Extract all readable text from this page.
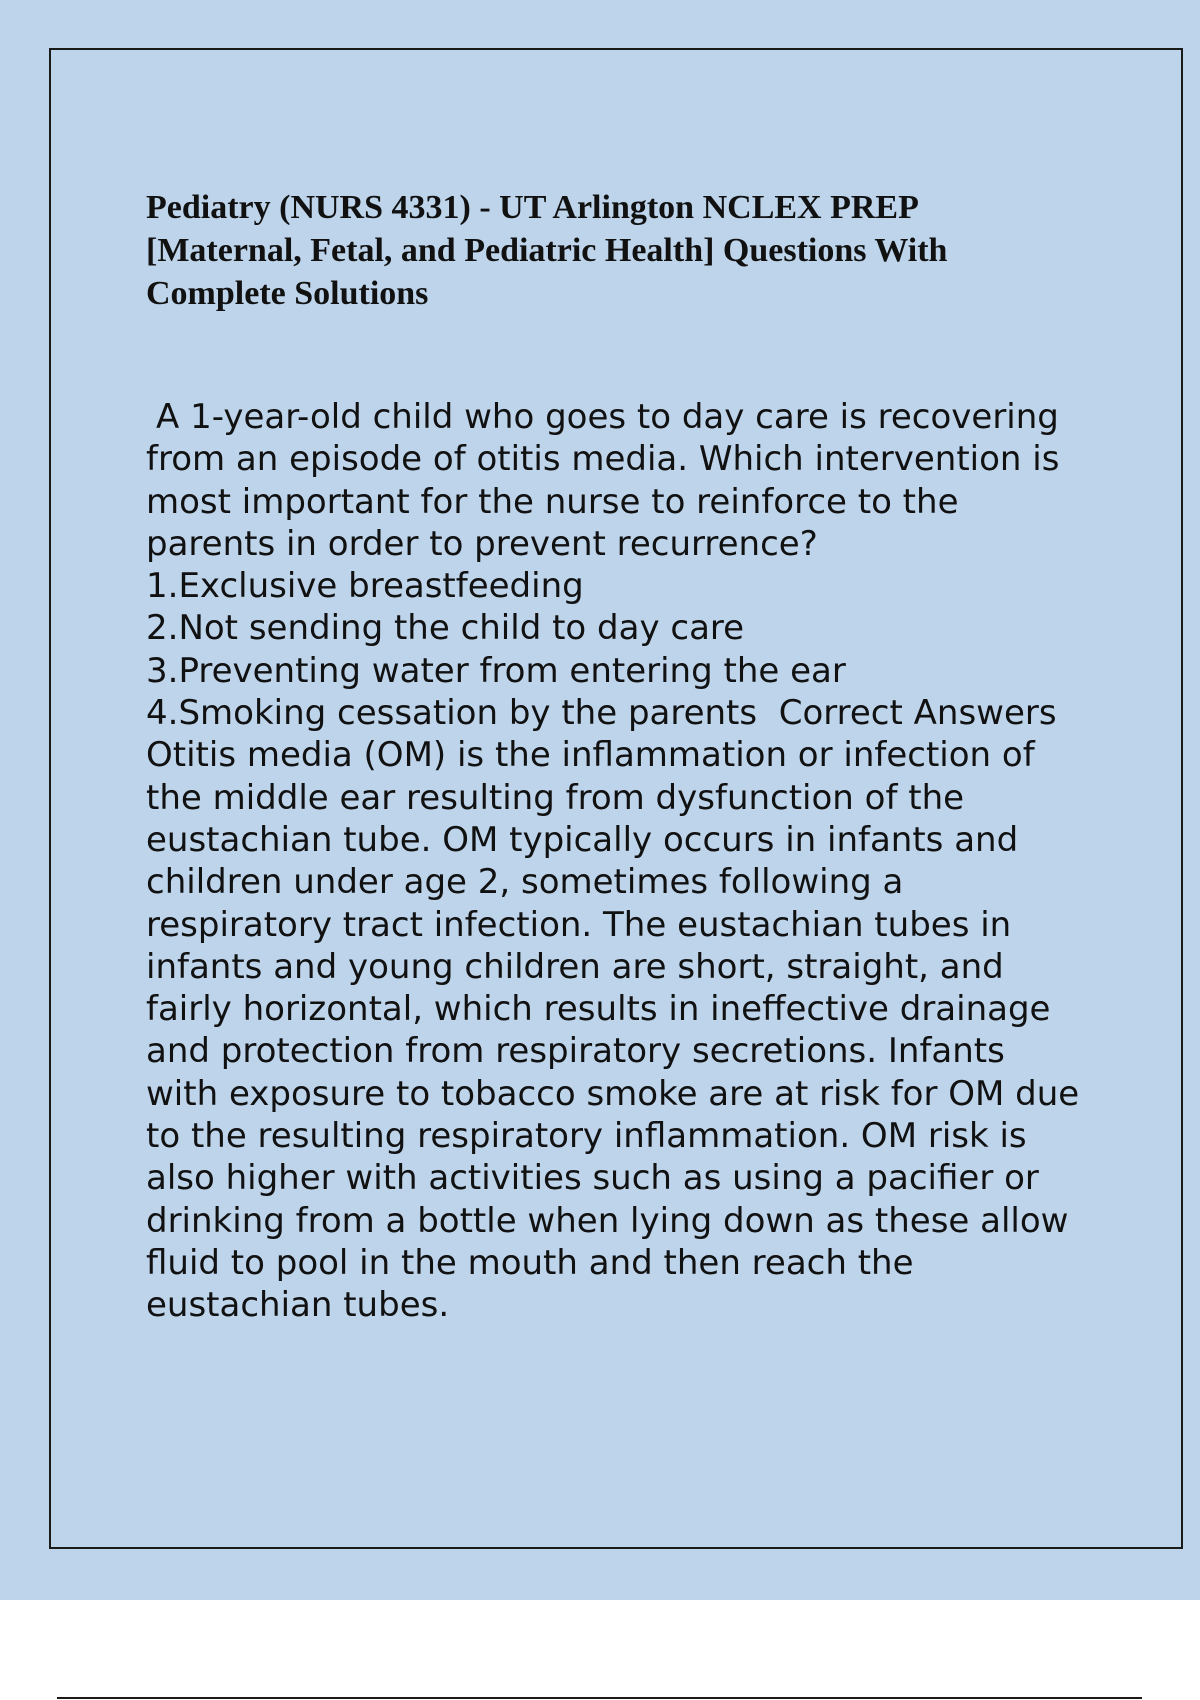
Pediatry (NURS 4331) - UT Arlington NCLEX PREP [Maternal, Fetal, and Pediatric Health] Questions With Complete Solutions

A 1-year-old child who goes to day care is recovering from an episode of otitis media. Which intervention is most important for the nurse to reinforce to the parents in order to prevent recurrence?

1.Exclusive breastfeeding
2.Not sending the child to day care
3.Preventing water from entering the ear

4.Smoking cessation by the parents Correct Answers  Otitis media (OM) is the inflammation or infection of the middle ear resulting from dysfunction of the eustachian tube. OM typically occurs in infants and children under age 2, sometimes following a respiratory tract infection. The eustachian tubes in infants and young children are short, straight, and fairly horizontal, which results in ineffective drainage and protection from respiratory secretions. Infants with exposure to tobacco smoke are at risk for OM due to the resulting respiratory inflammation. OM risk is also higher with activities such as using a pacifier or drinking from a bottle when lying down as these allow fluid to pool in the mouth and then reach the eustachian tubes.
